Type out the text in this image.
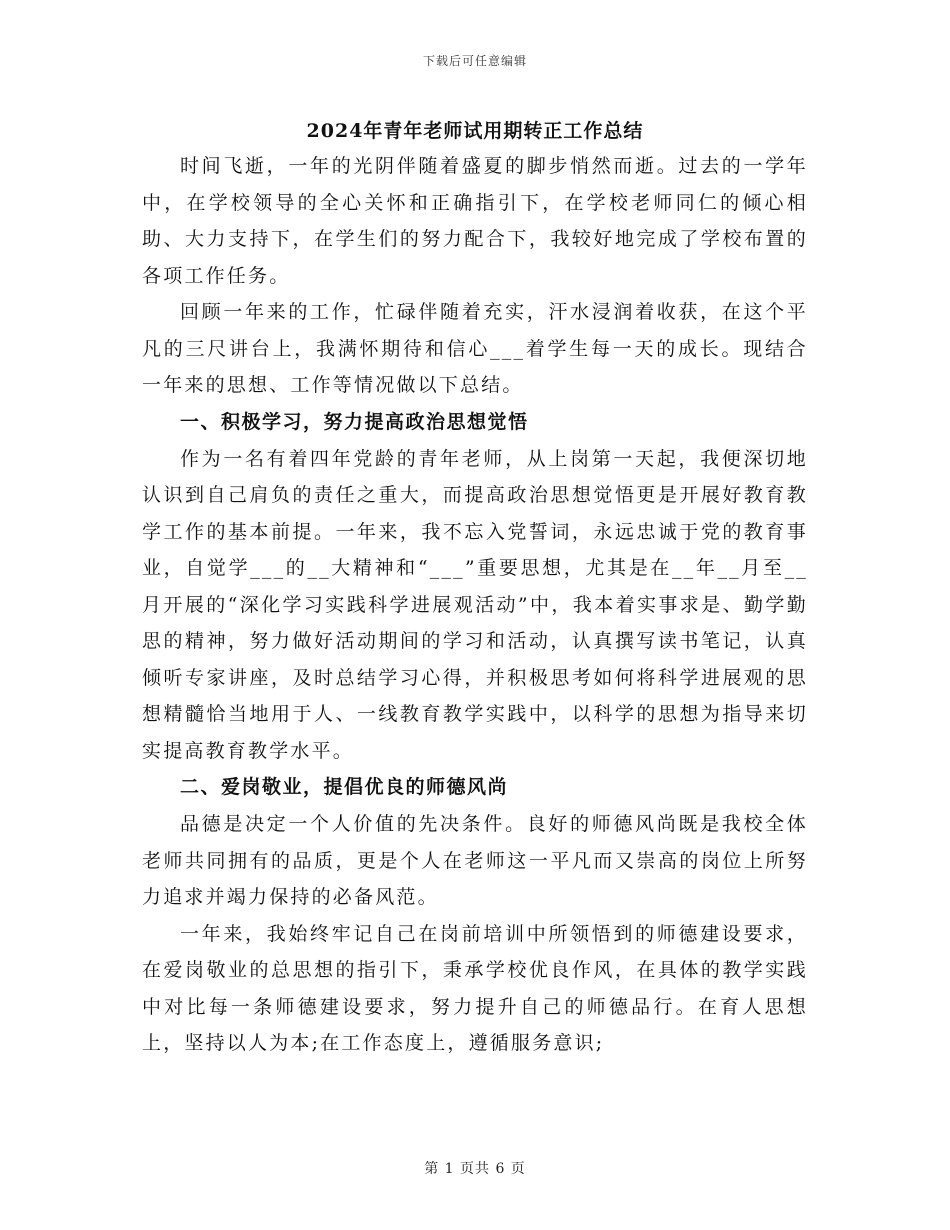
下载后可任意编辑
2024年青年老师试用期转正工作总结

时间飞逝，一年的光阴伴随着盛夏的脚步悄然而逝。过去的一学年中，在学校领导的全心关怀和正确指引下，在学校老师同仁的倾心相助、大力支持下，在学生们的努力配合下，我较好地完成了学校布置的各项工作任务。

回顾一年来的工作，忙碌伴随着充实，汗水浸润着收获，在这个平凡的三尺讲台上，我满怀期待和信心___着学生每一天的成长。现结合一年来的思想、工作等情况做以下总结。

一、积极学习，努力提高政治思想觉悟

作为一名有着四年党龄的青年老师，从上岗第一天起，我便深切地认识到自己肩负的责任之重大，而提高政治思想觉悟更是开展好教育教学工作的基本前提。一年来，我不忘入党誓词，永远忠诚于党的教育事业，自觉学___的__大精神和“___”重要思想，尤其是在__年__月至__月开展的“深化学习实践科学进展观活动”中，我本着实事求是、勤学勤思的精神，努力做好活动期间的学习和活动，认真撰写读书笔记，认真倾听专家讲座，及时总结学习心得，并积极思考如何将科学进展观的思想精髓恰当地用于人、一线教育教学实践中，以科学的思想为指导来切实提高教育教学水平。

二、爱岗敬业，提倡优良的师德风尚

品德是决定一个人价值的先决条件。良好的师德风尚既是我校全体老师共同拥有的品质，更是个人在老师这一平凡而又崇高的岗位上所努力追求并竭力保持的必备风范。

一年来，我始终牢记自己在岗前培训中所领悟到的师德建设要求，在爱岗敬业的总思想的指引下，秉承学校优良作风，在具体的教学实践中对比每一条师德建设要求，努力提升自己的师德品行。在育人思想上，坚持以人为本;在工作态度上，遵循服务意识;

第 1 页共 6 页
